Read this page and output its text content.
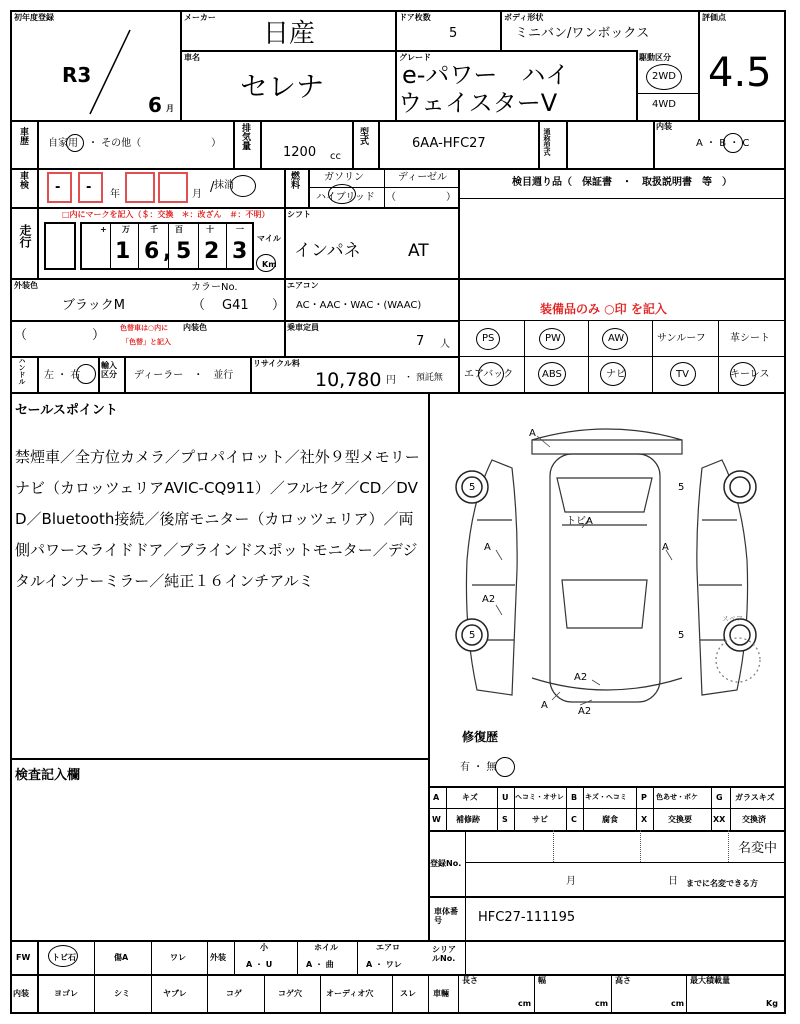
初年度登録
R3
6 月
メーカー
日産
ドア枚数
5
ボディ形状
ミニバン/ワンボックス
評価点
4.5
車名
セレナ
グレード
e-パワー　ハイ
ウェイスターV
駆動区分
2WD
4WD
車歴 自家用　・ その他（　　　　　　　） 排気量
1200 cc
型式	6AA-HFC27	通称型式
内装
A ・ B ・ C
車検 - - 年	月
抹消
/	燃料	ガソリン	ディーゼル
ハイブリッド （　　　　　）
検目週り品（　保証書　・　取扱説明書　等　）
走行
□内にマークを記入（＄：交換　＊：改ざん　＃：不明）
+ 万	千 百	十	一
1 6 , 5 2 3
マイル
Km
シフト
インパネ	AT
外装色
ブラックM
カラーNo.
（ G41 ）
エアコン
AC・AAC・WAC・(WAAC)	装備品のみ ○印 を記入
（　　　　　） 色替車は○内に
「色替」と記入
内装色	乗車定員
7 人
PS	PW	AW	サンルーフ 革シート
エアバック	ABS	ナビ	TV	キーレス
ハンドル 左 ・ 右
輸入区分	ディーラー　・　並行
リサイクル料
10,780 円 ・ 預託無
セールスポイント
禁煙車／全方位カメラ／プロパイロット／社外９型メモリーナビ（カロッツェリアAVIC-CQ911）／フルセグ／CD／DVD／Bluetooth接続／後席モニター（カロッツェリア）／両側パワースライドドア／ブラインドスポットモニター／デジタルインナーミラー／純正１６インチアルミ
検査記入欄
A
トビA
A
A2
A
A2
A
A2
5	5
5	5
スペア
修復歴
有 ・ 無
A	キズ	U ヘコミ・オサレ B キズ・ヘコミ P 色あせ・ボケ G ガラスキズ
W 補修跡	S	サビ	C	腐食	X	交換要	XX 交換済
登録No.
名変中
月	日 までに名変できる方
車体番号	HFC27-111195
FW	トビ石	傷A	ワレ	外装
小
A ・ U
ホイル
A ・ 曲
エアロ
A ・ ワレ
シリアルNo.
内装	ヨゴレ	シミ	ヤブレ	コゲ	コゲ穴	オーディオ穴	スレ 車輛
長さ
cm
幅
cm
高さ
cm
最大積載量
Kg
